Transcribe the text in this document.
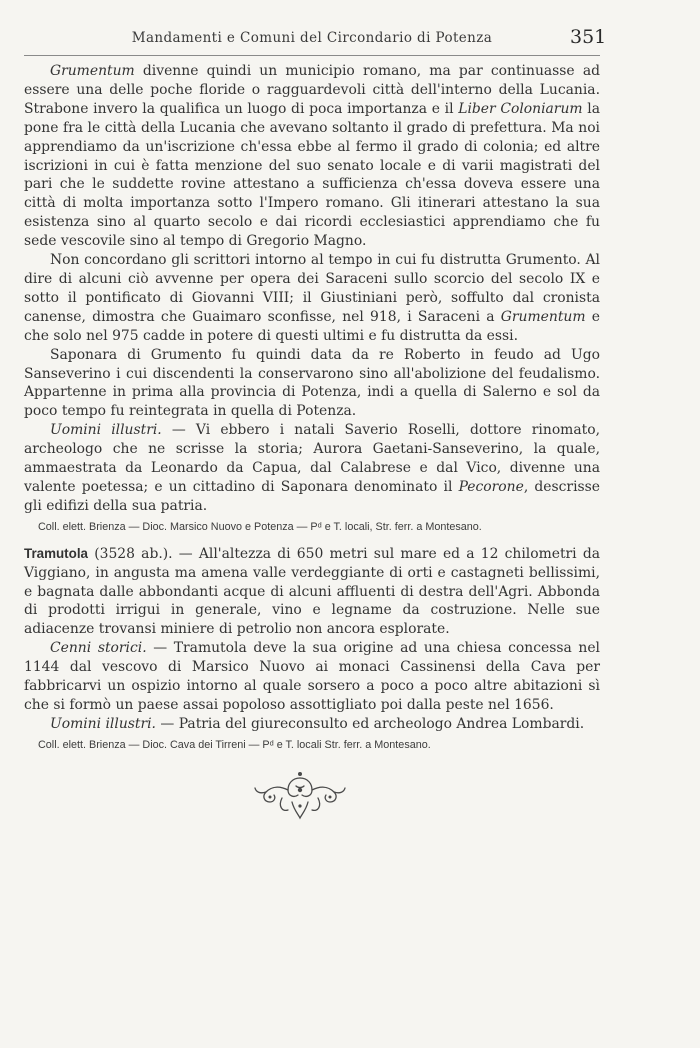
Mandamenti e Comuni del Circondario di Potenza	351

Grumentum divenne quindi un municipio romano, ma par continuasse ad essere una delle poche floride o ragguardevoli città dell'interno della Lucania. Strabone invero la qualifica un luogo di poca importanza e il Liber Coloniarum la pone fra le città della Lucania che avevano soltanto il grado di prefettura. Ma noi apprendiamo da un'iscrizione ch'essa ebbe al fermo il grado di colonia; ed altre iscrizioni in cui è fatta menzione del suo senato locale e di varii magistrati del pari che le suddette rovine attestano a sufficienza ch'essa doveva essere una città di molta importanza sotto l'Impero romano. Gli itinerari attestano la sua esistenza sino al quarto secolo e dai ricordi ecclesiastici apprendiamo che fu sede vescovile sino al tempo di Gregorio Magno.

Non concordano gli scrittori intorno al tempo in cui fu distrutta Grumento. Al dire di alcuni ciò avvenne per opera dei Saraceni sullo scorcio del secolo IX e sotto il pontificato di Giovanni VIII; il Giustiniani però, soffulto dal cronista canense, dimostra che Guaimaro sconfisse, nel 918, i Saraceni a Grumentum e che solo nel 975 cadde in potere di questi ultimi e fu distrutta da essi.

Saponara di Grumento fu quindi data da re Roberto in feudo ad Ugo Sanseverino i cui discendenti la conservarono sino all'abolizione del feudalismo. Appartenne in prima alla provincia di Potenza, indi a quella di Salerno e sol da poco tempo fu reintegrata in quella di Potenza.

Uomini illustri. — Vi ebbero i natali Saverio Roselli, dottore rinomato, archeologo che ne scrisse la storia; Aurora Gaetani-Sanseverino, la quale, ammaestrata da Leonardo da Capua, dal Calabrese e dal Vico, divenne una valente poetessa; e un cittadino di Saponara denominato il Pecorone, descrisse gli edifizi della sua patria.

Coll. elett. Brienza — Dioc. Marsico Nuovo e Potenza — Pᵈ e T. locali, Str. ferr. a Montesano.

Tramutola (3528 ab.). — All'altezza di 650 metri sul mare ed a 12 chilometri da Viggiano, in angusta ma amena valle verdeggiante di orti e castagneti bellissimi, e bagnata dalle abbondanti acque di alcuni affluenti di destra dell'Agri. Abbonda di prodotti irrigui in generale, vino e legname da costruzione. Nelle sue adiacenze trovansi miniere di petrolio non ancora esplorate.

Cenni storici. — Tramutola deve la sua origine ad una chiesa concessa nel 1144 dal vescovo di Marsico Nuovo ai monaci Cassinensi della Cava per fabbricarvi un ospizio intorno al quale sorsero a poco a poco altre abitazioni sì che si formò un paese assai popoloso assottigliato poi dalla peste nel 1656.

Uomini illustri. — Patria del giureconsulto ed archeologo Andrea Lombardi.

Coll. elett. Brienza — Dioc. Cava dei Tirreni — Pᵈ e T. locali Str. ferr. a Montesano.
